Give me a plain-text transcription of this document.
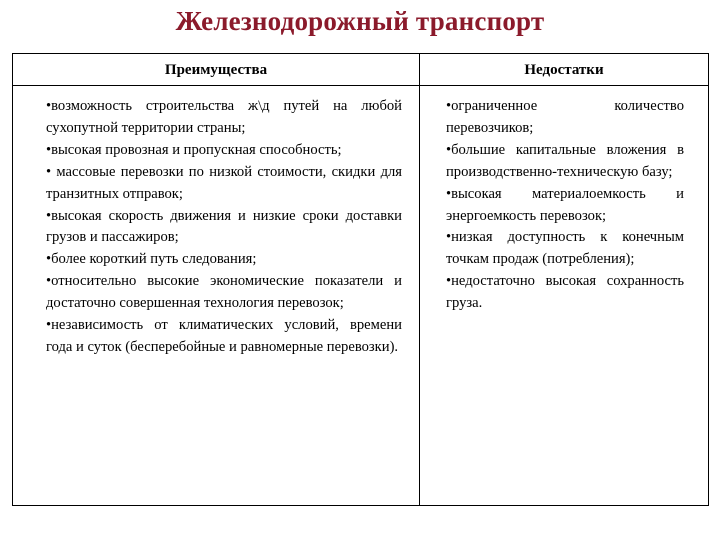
Железнодорожный транспорт
Преимущества	Недостатки

•возможность строительства ж\д путей на любой сухопутной территории страны;

•высокая провозная и пропускная способность;

• массовые перевозки по низкой стоимости, скидки для транзитных отправок;

•высокая скорость движения и низкие сроки доставки грузов и пассажиров;

•более короткий путь следования;

•относительно высокие экономические показатели и достаточно совершенная технология перевозок;

•независимость от климатических условий, времени года и суток (бесперебойные и равномерные перевозки).

•ограниченное количество перевозчиков;

•большие капитальные вложения в производственно-техническую базу;

•высокая материалоемкость и энергоемкость перевозок;

•низкая доступность к конечным точкам продаж (потребления);

•недостаточно высокая сохранность груза.
